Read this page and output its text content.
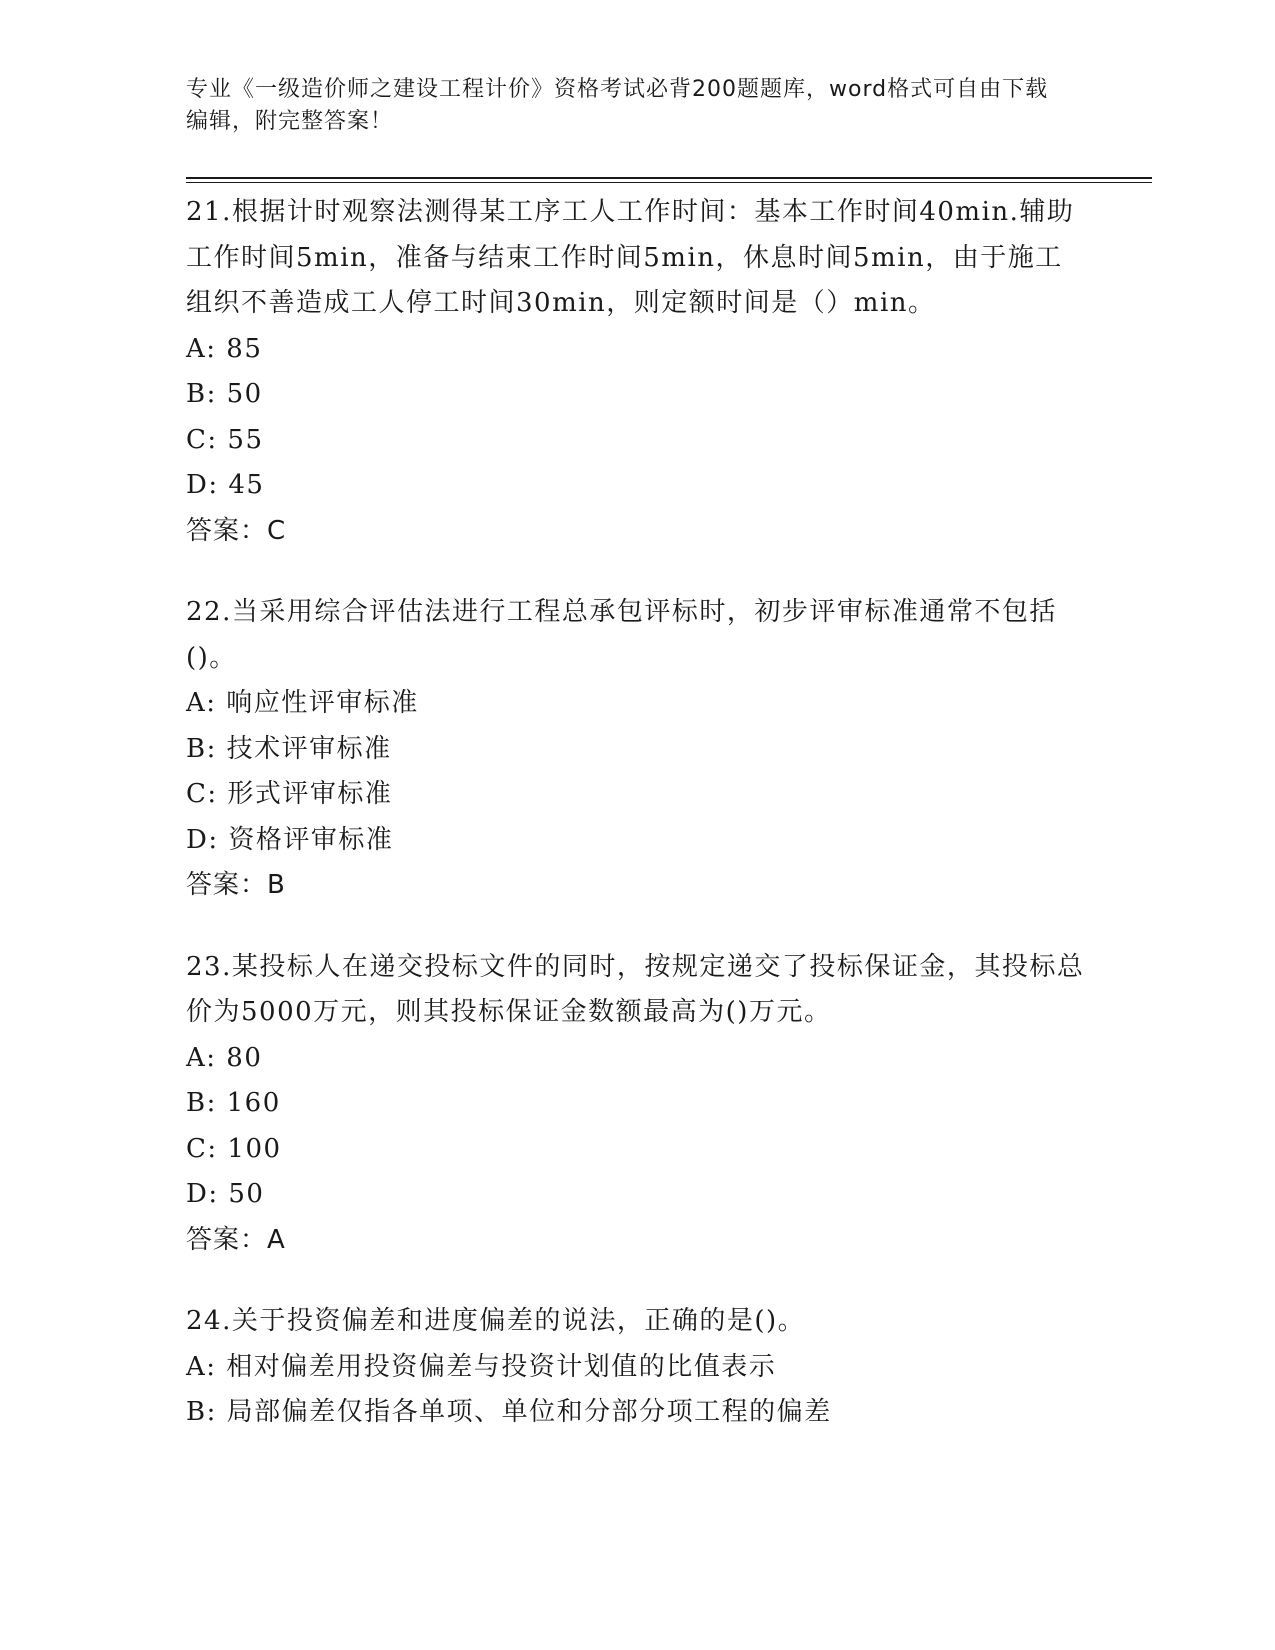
专业《一级造价师之建设工程计价》资格考试必背200题题库，word格式可自由下载编辑，附完整答案！

21.根据计时观察法测得某工序工人工作时间：基本工作时间40min.辅助工作时间5min，准备与结束工作时间5min，休息时间5min，由于施工组织不善造成工人停工时间30min，则定额时间是（）min。

A: 85

B: 50

C: 55

D: 45

答案：C

22.当采用综合评估法进行工程总承包评标时，初步评审标准通常不包括()。

A: 响应性评审标准

B: 技术评审标准

C: 形式评审标准

D: 资格评审标准

答案：B

23.某投标人在递交投标文件的同时，按规定递交了投标保证金，其投标总价为5000万元，则其投标保证金数额最高为()万元。

A: 80

B: 160

C: 100

D: 50

答案：A

24.关于投资偏差和进度偏差的说法，正确的是()。

A: 相对偏差用投资偏差与投资计划值的比值表示

B: 局部偏差仅指各单项、单位和分部分项工程的偏差
